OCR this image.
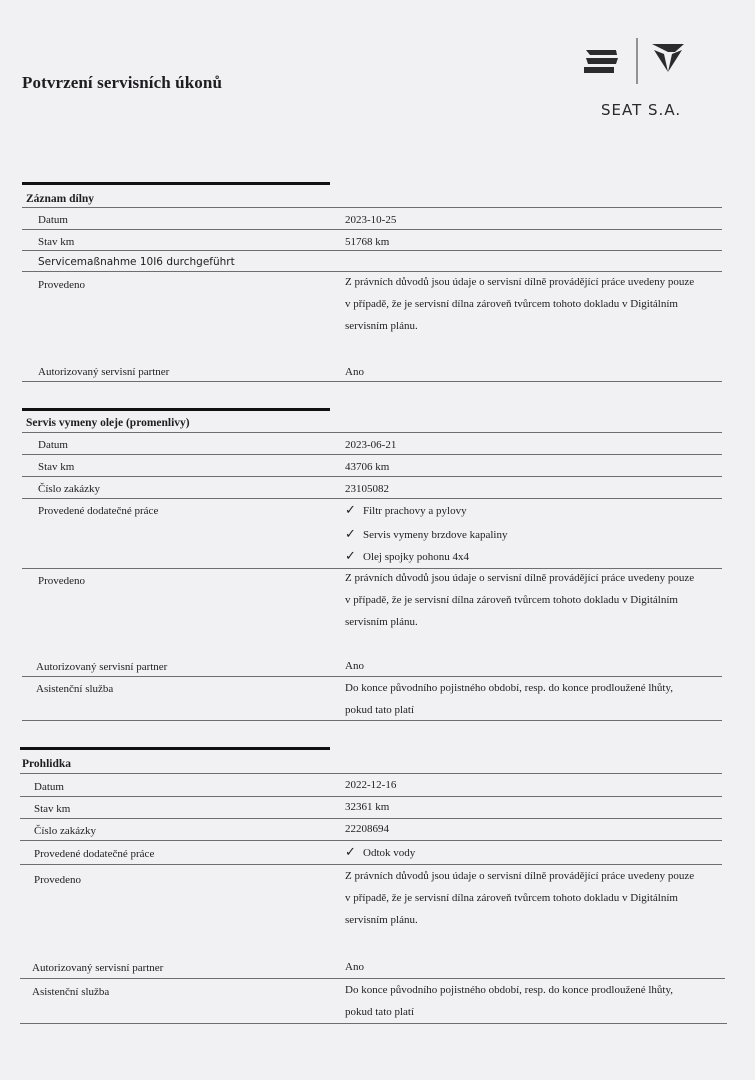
Potvrzení servisních úkonů
SEAT S.A.
Záznam dílny
Datum	2023-10-25
Stav km	51768 km
Servicemaßnahme 10I6 durchgeführt
Provedeno	Z právních důvodů jsou údaje o servisní dílně provádějící práce uvedeny pouze
v případě, že je servisní dílna zároveň tvůrcem tohoto dokladu v Digitálním
servisním plánu.
Autorizovaný servisní partner	Ano
Servis vymeny oleje (promenlivy)
Datum	2023-06-21
Stav km	43706 km
Číslo zakázky	23105082
Provedené dodatečné práce	✓ Filtr prachovy a pylovy
✓ Servis vymeny brzdove kapaliny
✓ Olej spojky pohonu 4x4
Provedeno	Z právních důvodů jsou údaje o servisní dílně provádějící práce uvedeny pouze
v případě, že je servisní dílna zároveň tvůrcem tohoto dokladu v Digitálním
servisním plánu.
Autorizovaný servisní partner	Ano
Asistenční služba	Do konce původního pojistného období, resp. do konce prodloužené lhůty,
pokud tato platí
Prohlidka
Datum	2022-12-16
Stav km	32361 km
Číslo zakázky	22208694
Provedené dodatečné práce	✓ Odtok vody
Provedeno	Z právních důvodů jsou údaje o servisní dílně provádějící práce uvedeny pouze
v případě, že je servisní dílna zároveň tvůrcem tohoto dokladu v Digitálním
servisním plánu.
Autorizovaný servisní partner	Ano
Asistenční služba	Do konce původního pojistného období, resp. do konce prodloužené lhůty,
pokud tato platí
